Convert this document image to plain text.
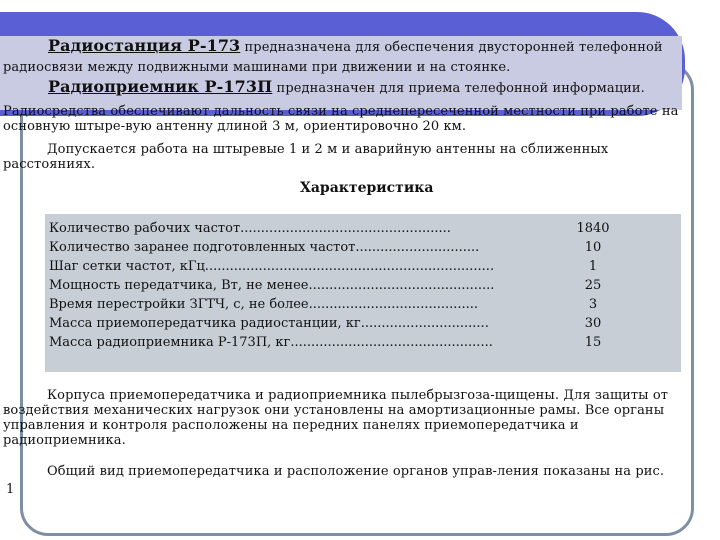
Радиостанция Р-173 предназначена для обеспечения двусторонней телефонной

радиосвязи между подвижными машинами при движении и на стоянке.

Радиоприемник Р-173П предназначен для приема телефонной информации.

Радиосредства обеспечивают дальность связи на среднепересеченной местности при работе на основную штыре-вую антенну длиной 3 м, ориентировочно 20 км.

Допускается работа на штыревые 1 и 2 м и аварийную антенны на сближенных расстояниях.

Характеристика
Количество рабочих частот...................................................
Количество заранее подготовленных частот..............................
Шаг сетки частот, кГц......................................................................
Мощность передатчика, Вт, не менее.............................................
Время перестройки ЗГТЧ, с, не более.........................................
Масса приемопередатчика радиостанции, кг...............................
Масса радиоприемника Р-173П, кг.................................................
1840
10
1
25
3
30
15

Корпуса приемопередатчика и радиоприемника пылебрызгоза-щищены. Для защиты от воздействия механических нагрузок они установлены на амортизационные рамы. Все органы управления и контроля расположены на передних панелях приемопередатчика и радиоприемника.

Общий вид приемопередатчика и расположение органов управ-ления показаны на рис.

1
